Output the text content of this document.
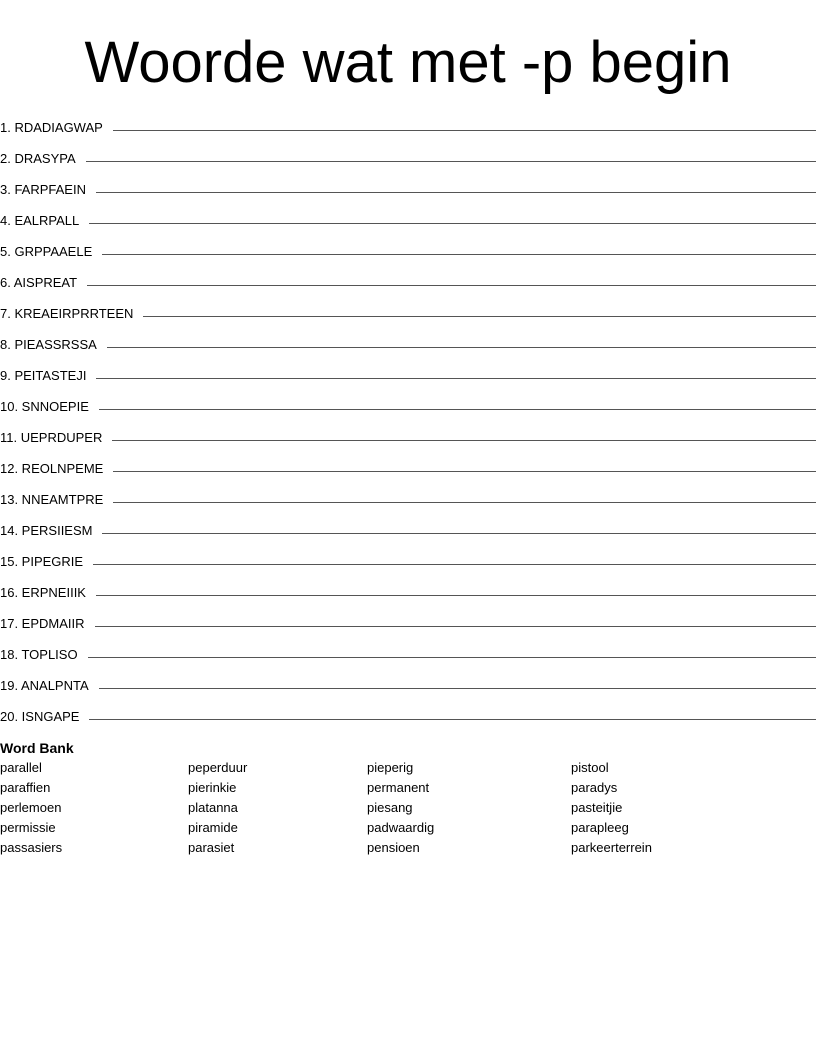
Woorde wat met -p begin
1. RDADIAGWAP
2. DRASYPA
3. FARPFAEIN
4. EALRPALL
5. GRPPAAELE
6. AISPREAT
7. KREAEIRPRRTEEN
8. PIEASSRSSA
9. PEITASTEJI
10. SNNOEPIE
11. UEPRDUPER
12. REOLNPEME
13. NNEAMTPRE
14. PERSIIESM
15. PIPEGRIE
16. ERPNEIIIK
17. EPDMAIIR
18. TOPLISO
19. ANALPNTA
20. ISNGAPE
Word Bank
parallel	peperduur	pieperig	pistool
paraffien	pierinkie	permanent	paradys
perlemoen	platanna	piesang	pasteitjie
permissie	piramide	padwaardig	parapleeg
passasiers	parasiet	pensioen	parkeerterrein
